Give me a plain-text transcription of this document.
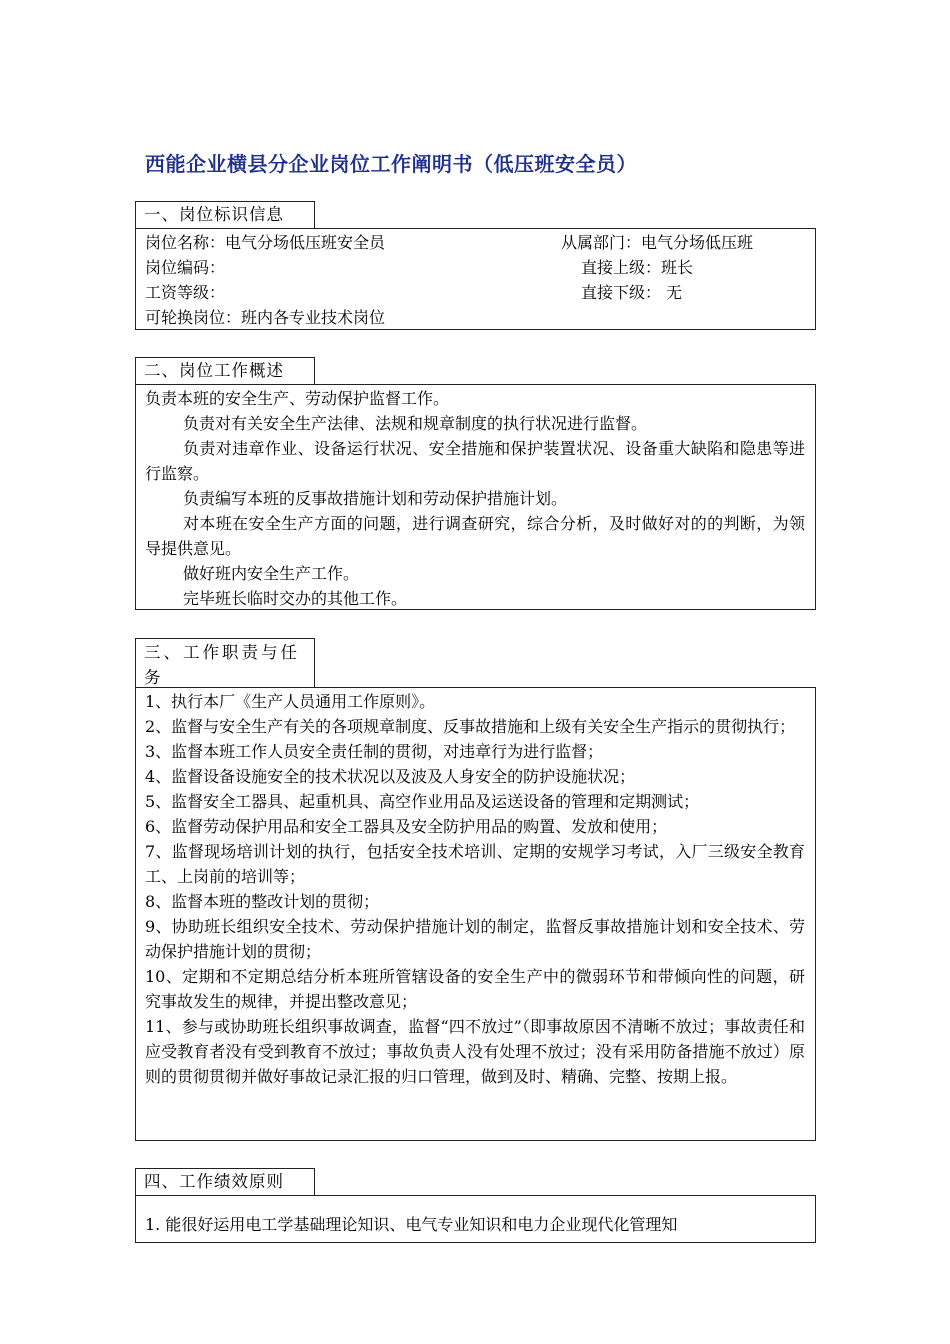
西能企业横县分企业岗位工作阐明书（低压班安全员）
一、岗位标识信息
岗位名称：电气分场低压班安全员	从属部门：电气分场低压班
岗位编码：	直接上级：班长
工资等级：	直接下级： 无
可轮换岗位：班内各专业技术岗位
二、岗位工作概述

负责本班的安全生产、劳动保护监督工作。

负责对有关安全生产法律、法规和规章制度的执行状况进行监督。

负责对违章作业、设备运行状况、安全措施和保护装置状况、设备重大缺陷和隐患等进行监察。

负责编写本班的反事故措施计划和劳动保护措施计划。

对本班在安全生产方面的问题，进行调查研究，综合分析，及时做好对的的判断，为领导提供意见。

做好班内安全生产工作。

完毕班长临时交办的其他工作。

三、工作职责与任务

1、执行本厂《生产人员通用工作原则》。

2、监督与安全生产有关的各项规章制度、反事故措施和上级有关安全生产指示的贯彻执行；

3、监督本班工作人员安全责任制的贯彻，对违章行为进行监督；

4、监督设备设施安全的技术状况以及波及人身安全的防护设施状况；

5、监督安全工器具、起重机具、高空作业用品及运送设备的管理和定期测试；

6、监督劳动保护用品和安全工器具及安全防护用品的购置、发放和使用；

7、监督现场培训计划的执行，包括安全技术培训、定期的安规学习考试，入厂三级安全教育工、上岗前的培训等；

8、监督本班的整改计划的贯彻；

9、协助班长组织安全技术、劳动保护措施计划的制定，监督反事故措施计划和安全技术、劳动保护措施计划的贯彻；

10、定期和不定期总结分析本班所管辖设备的安全生产中的微弱环节和带倾向性的问题，研究事故发生的规律，并提出整改意见；

11、参与或协助班长组织事故调查，监督“四不放过”（即事故原因不清晰不放过；事故责任和应受教育者没有受到教育不放过；事故负责人没有处理不放过；没有采用防备措施不放过）原则的贯彻贯彻并做好事故记录汇报的归口管理，做到及时、精确、完整、按期上报。

四、工作绩效原则

1. 能很好运用电工学基础理论知识、电气专业知识和电力企业现代化管理知
